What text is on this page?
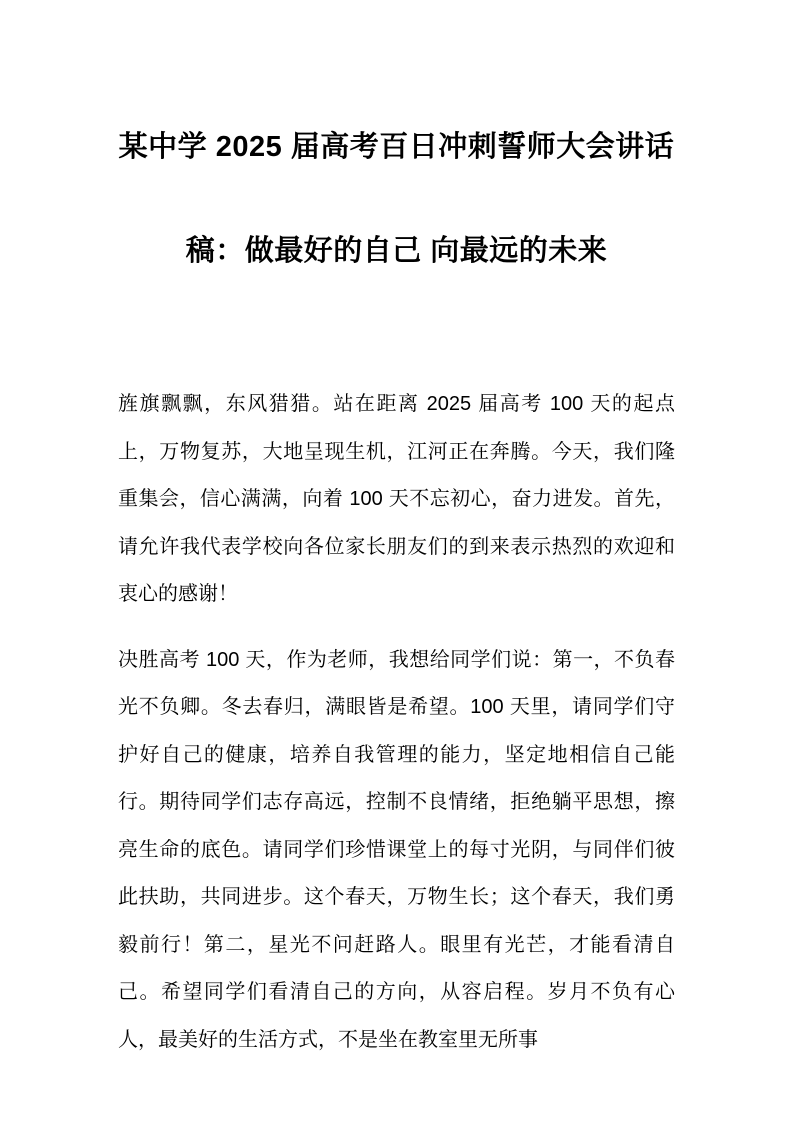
某中学 2025 届高考百日冲刺誓师大会讲话
稿：做最好的自己 向最远的未来

旌旗飘飘，东风猎猎。站在距离 2025 届高考 100 天的起点上，万物复苏，大地呈现生机，江河正在奔腾。今天，我们隆重集会，信心满满，向着 100 天不忘初心，奋力进发。首先，请允许我代表学校向各位家长朋友们的到来表示热烈的欢迎和衷心的感谢！

决胜高考 100 天，作为老师，我想给同学们说：第一，不负春光不负卿。冬去春归，满眼皆是希望。100 天里，请同学们守护好自己的健康，培养自我管理的能力，坚定地相信自己能行。期待同学们志存高远，控制不良情绪，拒绝躺平思想，擦亮生命的底色。请同学们珍惜课堂上的每寸光阴，与同伴们彼此扶助，共同进步。这个春天，万物生长；这个春天，我们勇毅前行！第二，星光不问赶路人。眼里有光芒，才能看清自己。希望同学们看清自己的方向，从容启程。岁月不负有心人，最美好的生活方式，不是坐在教室里无所事
